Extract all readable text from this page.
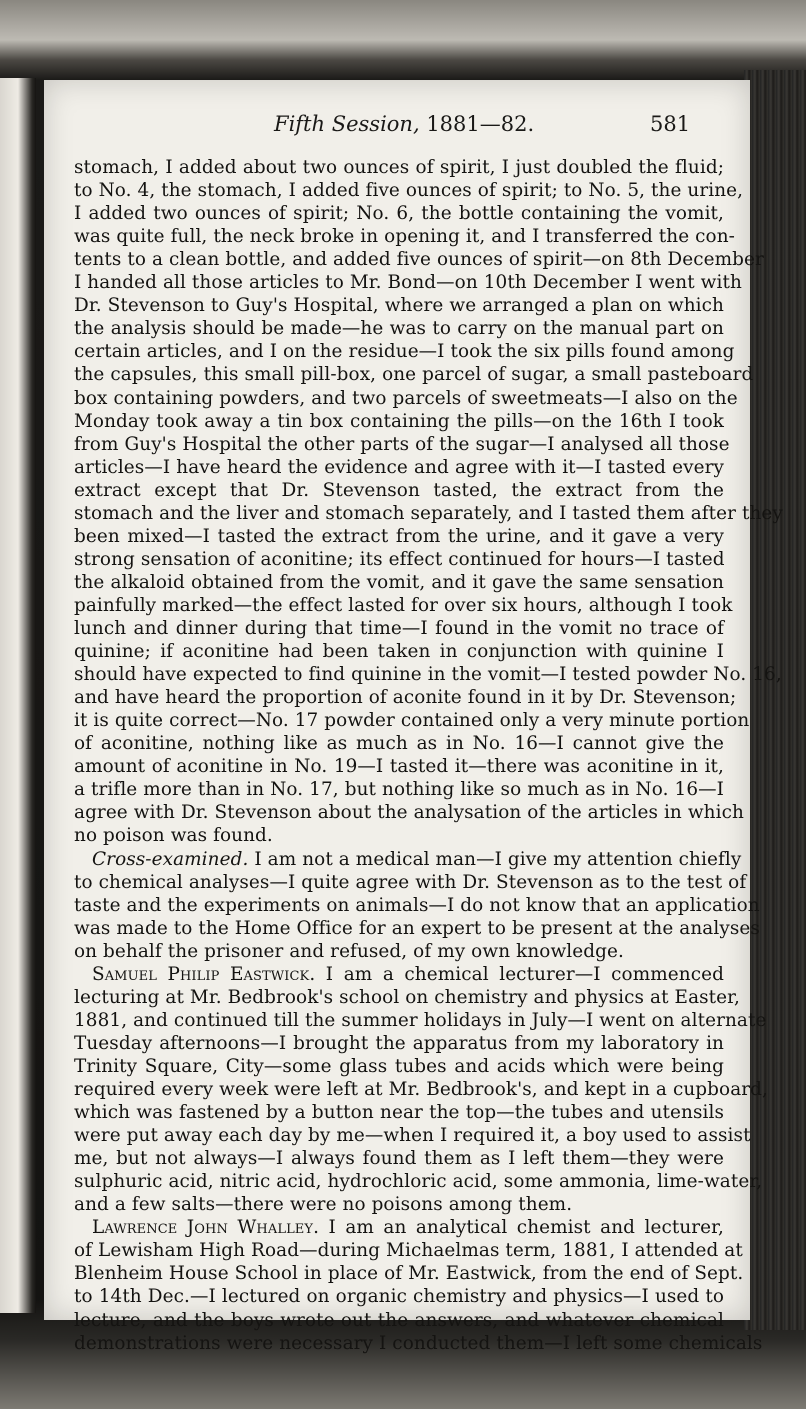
Fifth Session, 1881—82.	581
stomach, I added about two ounces of spirit, I just doubled the fluid;
to No. 4, the stomach, I added five ounces of spirit; to No. 5, the urine,
I added two ounces of spirit; No. 6, the bottle containing the vomit,
was quite full, the neck broke in opening it, and I transferred the con-
tents to a clean bottle, and added five ounces of spirit—on 8th December
I handed all those articles to Mr. Bond—on 10th December I went with
Dr. Stevenson to Guy's Hospital, where we arranged a plan on which
the analysis should be made—he was to carry on the manual part on
certain articles, and I on the residue—I took the six pills found among
the capsules, this small pill-box, one parcel of sugar, a small pasteboard
box containing powders, and two parcels of sweetmeats—I also on the
Monday took away a tin box containing the pills—on the 16th I took
from Guy's Hospital the other parts of the sugar—I analysed all those
articles—I have heard the evidence and agree with it—I tasted every
extract except that Dr. Stevenson tasted, the extract from the
stomach and the liver and stomach separately, and I tasted them after they
been mixed—I tasted the extract from the urine, and it gave a very
strong sensation of aconitine; its effect continued for hours—I tasted
the alkaloid obtained from the vomit, and it gave the same sensation
painfully marked—the effect lasted for over six hours, although I took
lunch and dinner during that time—I found in the vomit no trace of
quinine; if aconitine had been taken in conjunction with quinine I
should have expected to find quinine in the vomit—I tested powder No. 16,
and have heard the proportion of aconite found in it by Dr. Stevenson;
it is quite correct—No. 17 powder contained only a very minute portion
of aconitine, nothing like as much as in No. 16—I cannot give the
amount of aconitine in No. 19—I tasted it—there was aconitine in it,
a trifle more than in No. 17, but nothing like so much as in No. 16—I
agree with Dr. Stevenson about the analysation of the articles in which
no poison was found.
Cross-examined. I am not a medical man—I give my attention chiefly
to chemical analyses—I quite agree with Dr. Stevenson as to the test of
taste and the experiments on animals—I do not know that an application
was made to the Home Office for an expert to be present at the analyses
on behalf the prisoner and refused, of my own knowledge.
Samuel Philip Eastwick. I am a chemical lecturer—I commenced
lecturing at Mr. Bedbrook's school on chemistry and physics at Easter,
1881, and continued till the summer holidays in July—I went on alternate
Tuesday afternoons—I brought the apparatus from my laboratory in
Trinity Square, City—some glass tubes and acids which were being
required every week were left at Mr. Bedbrook's, and kept in a cupboard,
which was fastened by a button near the top—the tubes and utensils
were put away each day by me—when I required it, a boy used to assist
me, but not always—I always found them as I left them—they were
sulphuric acid, nitric acid, hydrochloric acid, some ammonia, lime-water,
and a few salts—there were no poisons among them.
Lawrence John Whalley. I am an analytical chemist and lecturer,
of Lewisham High Road—during Michaelmas term, 1881, I attended at
Blenheim House School in place of Mr. Eastwick, from the end of Sept.
to 14th Dec.—I lectured on organic chemistry and physics—I used to
lecture, and the boys wrote out the answers, and whatever chemical
demonstrations were necessary I conducted them—I left some chemicals
